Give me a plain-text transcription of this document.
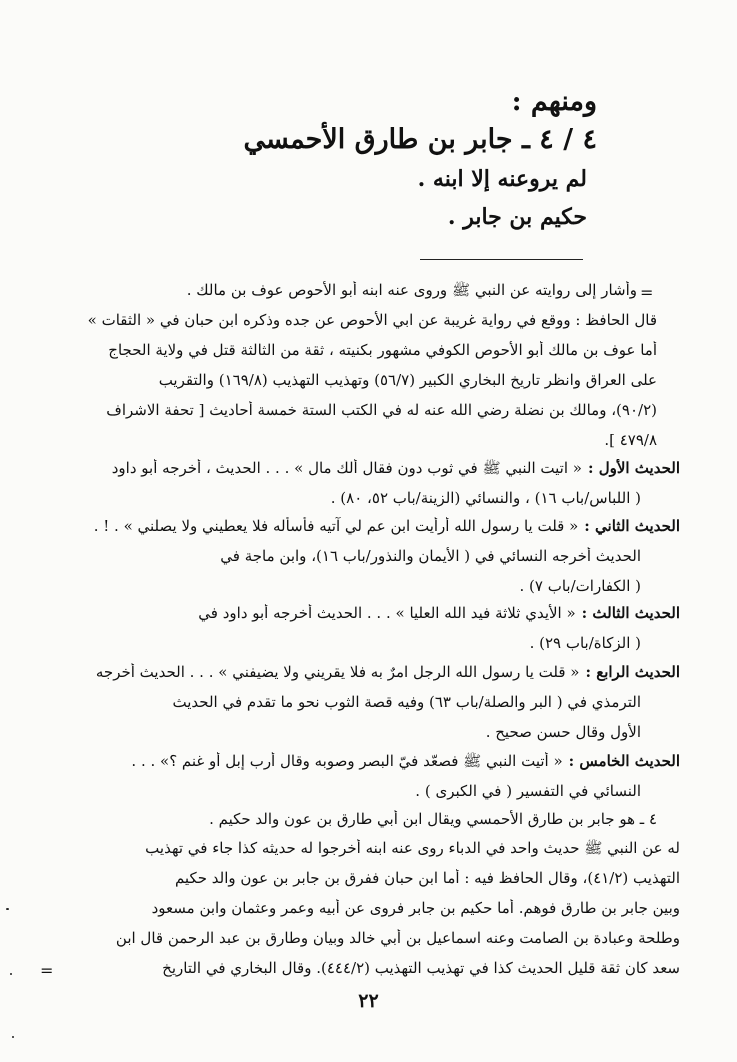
ومنهم :
٤ / ٤ ـ جابر بن طارق الأحمسي
لم يروعنه إلا ابنه .
حكيم بن جابر .
=
وأشار إلى روايته عن النبي ﷺ وروى عنه ابنه أبو الأحوص عوف بن مالك .
قال الحافظ : ووقع في رواية غريبة عن ابي الأحوص عن جده وذكره ابن حبان في « الثقات »
أما عوف بن مالك أبو الأحوص الكوفي مشهور بكنيته ، ثقة من الثالثة قتل في ولاية الحجاج
على العراق وانظر تاريخ البخاري الكبير (٥٦/٧) وتهذيب التهذيب (١٦٩/٨) والتقريب
(٩٠/٢)، ومالك بن نضلة رضي الله عنه له في الكتب الستة خمسة أحاديث [ تحفة الاشراف
٤٧٩/٨ ].
الحديث الأول :« اتيت النبي ﷺ في ثوب دون فقال ألك مال » . . . الحديث ، أخرجه أبو داود
( اللباس/باب ١٦) ، والنسائي (الزينة/باب ٥٢، ٨٠) .
الحديث الثاني :« قلت يا رسول الله أرأيت ابن عم لي آتيه فأسأله فلا يعطيني ولا يصلني » . ! .
الحديث أخرجه النسائي في ( الأيمان والنذور/باب ١٦)، وابن ماجة في
( الكفارات/باب ٧) .
الحديث الثالث :« الأيدي ثلاثة فيد الله العليا » . . . الحديث أخرجه أبو داود في
( الزكاة/باب ٢٩) .
الحديث الرابع :« قلت يا رسول الله الرجل امرٌ به فلا يقريني ولا يضيفني » . . . الحديث أخرجه
الترمذي في ( البر والصلة/باب ٦٣) وفيه قصة الثوب نحو ما تقدم في الحديث
الأول وقال حسن صحيح .
الحديث الخامس :« أتيت النبي ﷺ فصعّد فيّ البصر وصوبه وقال أرب إبل أو غنم ؟» . . .
النسائي في التفسير ( في الكبرى ) .
٤ ـ هو جابر بن طارق الأحمسي ويقال ابن أبي طارق بن عون والد حكيم .
له عن النبي ﷺ حديث واحد في الدباء روى عنه ابنه أخرجوا له حديثه كذا جاء في تهذيب
التهذيب (٤١/٢)، وقال الحافظ فيه : أما ابن حبان ففرق بن جابر بن عون والد حكيم
وبين جابر بن طارق فوهم. أما حكيم بن جابر فروى عن أبيه وعمر وعثمان وابن مسعود
وطلحة وعبادة بن الصامت وعنه اسماعيل بن أبي خالد وبيان وطارق بن عبد الرحمن قال ابن
سعد كان ثقة قليل الحديث كذا في تهذيب التهذيب (٤٤٤/٢). وقال البخاري في التاريخ
=
٢٢
